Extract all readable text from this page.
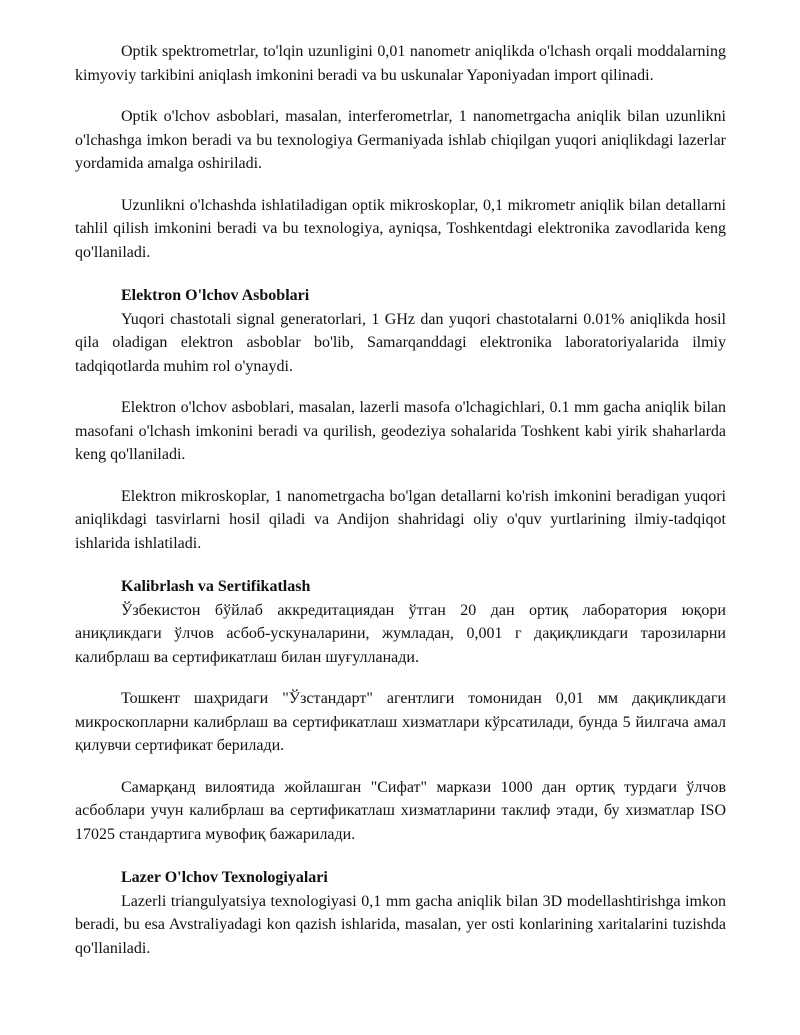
Optik spektrometrlar, to'lqin uzunligini 0,01 nanometr aniqlikda o'lchash orqali moddalarning kimyoviy tarkibini aniqlash imkonini beradi va bu uskunalar Yaponiyadan import qilinadi.

Optik o'lchov asboblari, masalan, interferometrlar, 1 nanometrgacha aniqlik bilan uzunlikni o'lchashga imkon beradi va bu texnologiya Germaniyada ishlab chiqilgan yuqori aniqlikdagi lazerlar yordamida amalga oshiriladi.

Uzunlikni o'lchashda ishlatiladigan optik mikroskoplar, 0,1 mikrometr aniqlik bilan detallarni tahlil qilish imkonini beradi va bu texnologiya, ayniqsa, Toshkentdagi elektronika zavodlarida keng qo'llaniladi.

Elektron O'lchov Asboblari

Yuqori chastotali signal generatorlari, 1 GHz dan yuqori chastotalarni 0.01% aniqlikda hosil qila oladigan elektron asboblar bo'lib, Samarqanddagi elektronika laboratoriyalarida ilmiy tadqiqotlarda muhim rol o'ynaydi.

Elektron o'lchov asboblari, masalan, lazerli masofa o'lchagichlari, 0.1 mm gacha aniqlik bilan masofani o'lchash imkonini beradi va qurilish, geodeziya sohalarida Toshkent kabi yirik shaharlarda keng qo'llaniladi.

Elektron mikroskoplar, 1 nanometrgacha bo'lgan detallarni ko'rish imkonini beradigan yuqori aniqlikdagi tasvirlarni hosil qiladi va Andijon shahridagi oliy o'quv yurtlarining ilmiy-tadqiqot ishlarida ishlatiladi.

Kalibrlash va Sertifikatlash

Ўзбекистон бўйлаб аккредитациядан ўтган 20 дан ортиқ лаборатория юқори аниқликдаги ўлчов асбоб-ускуналарини, жумладан, 0,001 г дақиқликдаги тарозиларни калибрлаш ва сертификатлаш билан шуғулланади.

Тошкент шаҳридаги "Ўзстандарт" агентлиги томонидан 0,01 мм дақиқликдаги микроскопларни калибрлаш ва сертификатлаш хизматлари кўрсатилади, бунда 5 йилгача амал қилувчи сертификат берилади.

Самарқанд вилоятида жойлашган "Сифат" маркази 1000 дан ортиқ турдаги ўлчов асбоблари учун калибрлаш ва сертификатлаш хизматларини таклиф этади, бу хизматлар ISO 17025 стандартига мувофиқ бажарилади.

Lazer O'lchov Texnologiyalari

Lazerli triangulyatsiya texnologiyasi 0,1 mm gacha aniqlik bilan 3D modellashtirishga imkon beradi, bu esa Avstraliyadagi kon qazish ishlarida, masalan, yer osti konlarining xaritalarini tuzishda qo'llaniladi.
